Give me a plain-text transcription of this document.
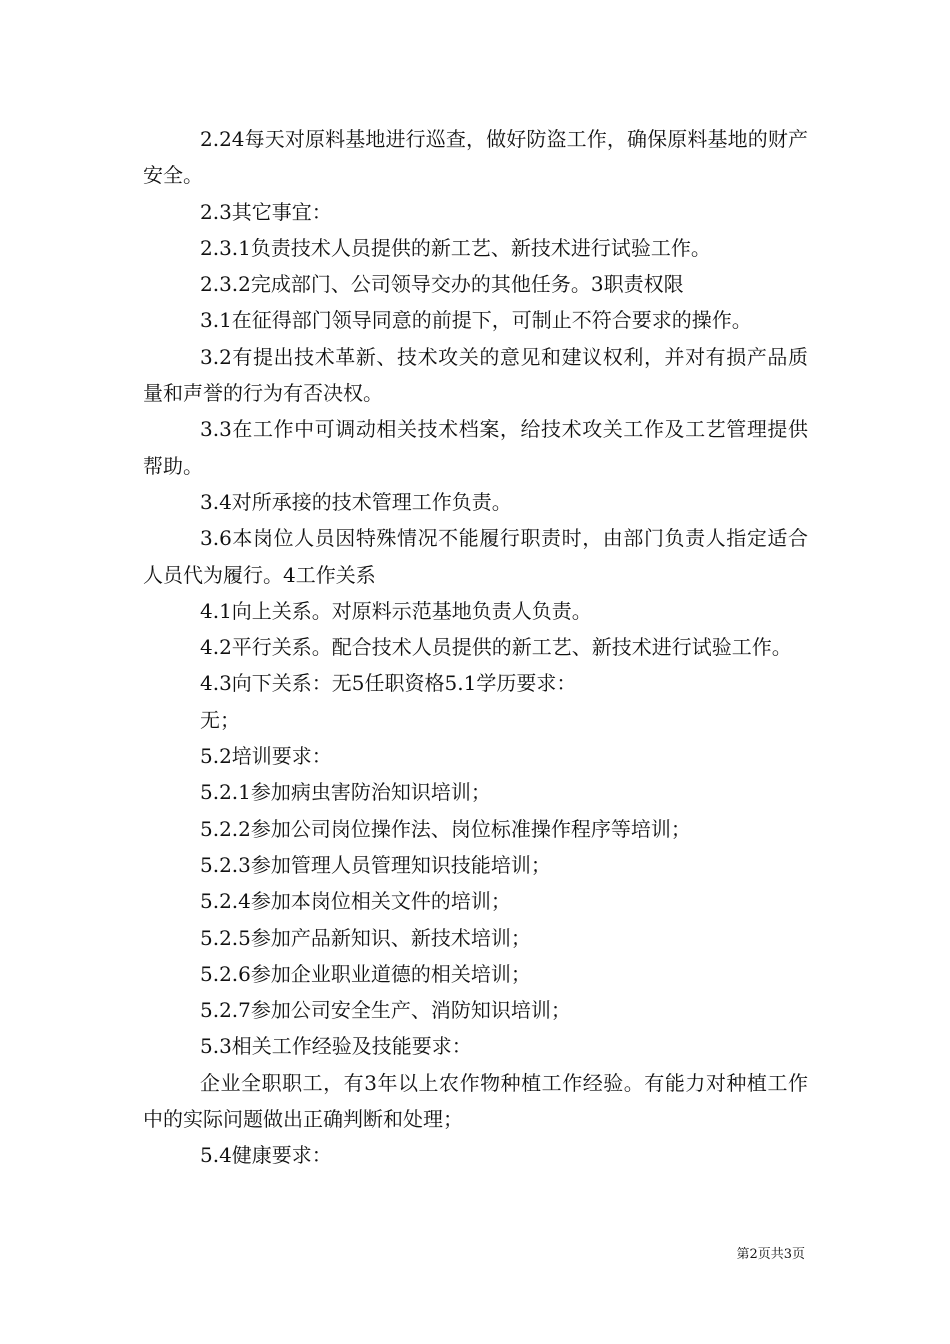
2.24每天对原料基地进行巡查，做好防盗工作，确保原料基地的财产安全。

2.3其它事宜：

2.3.1负责技术人员提供的新工艺、新技术进行试验工作。

2.3.2完成部门、公司领导交办的其他任务。3职责权限

3.1在征得部门领导同意的前提下，可制止不符合要求的操作。

3.2有提出技术革新、技术攻关的意见和建议权利，并对有损产品质量和声誉的行为有否决权。

3.3在工作中可调动相关技术档案，给技术攻关工作及工艺管理提供帮助。

3.4对所承接的技术管理工作负责。

3.6本岗位人员因特殊情况不能履行职责时，由部门负责人指定适合人员代为履行。4工作关系

4.1向上关系。对原料示范基地负责人负责。

4.2平行关系。配合技术人员提供的新工艺、新技术进行试验工作。

4.3向下关系：无5任职资格5.1学历要求：

无；

5.2培训要求：

5.2.1参加病虫害防治知识培训；

5.2.2参加公司岗位操作法、岗位标准操作程序等培训；

5.2.3参加管理人员管理知识技能培训；

5.2.4参加本岗位相关文件的培训；

5.2.5参加产品新知识、新技术培训；

5.2.6参加企业职业道德的相关培训；

5.2.7参加公司安全生产、消防知识培训；

5.3相关工作经验及技能要求：

企业全职职工，有3年以上农作物种植工作经验。有能力对种植工作中的实际问题做出正确判断和处理；

5.4健康要求：

第2页共3页
